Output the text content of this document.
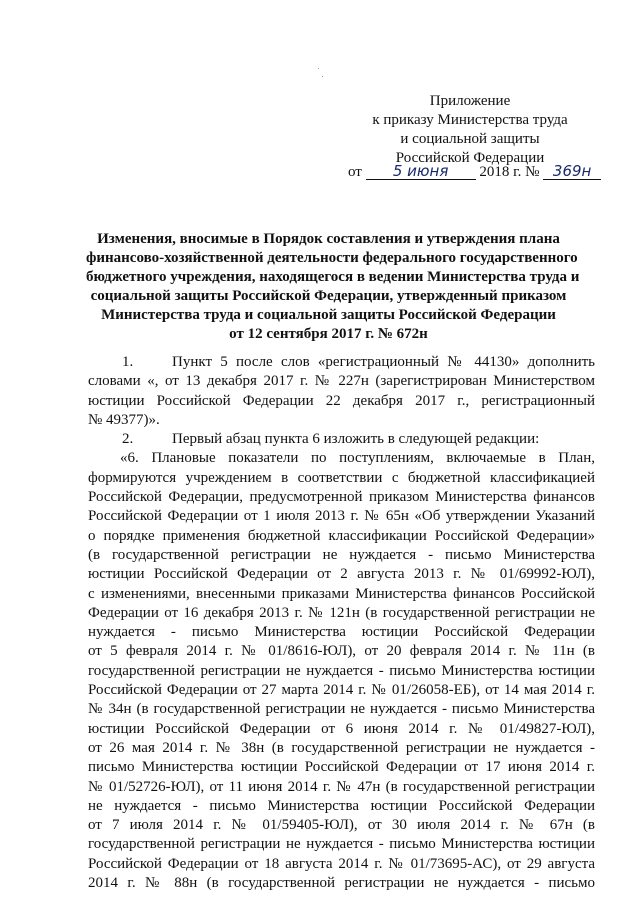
Приложение
к приказу Министерства труда
и социальной защиты
Российской Федерации
от 5 июня 2018 г. № 369н
Изменения, вносимые в Порядок составления и утверждения плана
финансово-хозяйственной деятельности федерального государственного
бюджетного учреждения, находящегося в ведении Министерства труда и
социальной защиты Российской Федерации, утвержденный приказом
Министерства труда и социальной защиты Российской Федерации
от 12 сентября 2017 г. № 672н
1.	Пункт 5 после слов «регистрационный № 44130» дополнить
словами «, от 13 декабря 2017 г. № 227н (зарегистрирован Министерством
юстиции Российской Федерации 22 декабря 2017 г., регистрационный
№ 49377)».
2.	Первый абзац пункта 6 изложить в следующей редакции:
«6. Плановые показатели по поступлениям, включаемые в План,
формируются учреждением в соответствии с бюджетной классификацией
Российской Федерации, предусмотренной приказом Министерства финансов
Российской Федерации от 1 июля 2013 г. № 65н «Об утверждении Указаний
о порядке применения бюджетной классификации Российской Федерации»
(в государственной регистрации не нуждается - письмо Министерства
юстиции Российской Федерации от 2 августа 2013 г. № 01/69992-ЮЛ),
с изменениями, внесенными приказами Министерства финансов Российской
Федерации от 16 декабря 2013 г. № 121н (в государственной регистрации не
нуждается - письмо Министерства юстиции Российской Федерации
от 5 февраля 2014 г. № 01/8616-ЮЛ), от 20 февраля 2014 г. № 11н (в
государственной регистрации не нуждается - письмо Министерства юстиции
Российской Федерации от 27 марта 2014 г. № 01/26058-ЕБ), от 14 мая 2014 г.
№ 34н (в государственной регистрации не нуждается - письмо Министерства
юстиции Российской Федерации от 6 июня 2014 г. № 01/49827-ЮЛ),
от 26 мая 2014 г. № 38н (в государственной регистрации не нуждается -
письмо Министерства юстиции Российской Федерации от 17 июня 2014 г.
№ 01/52726-ЮЛ), от 11 июня 2014 г. № 47н (в государственной регистрации
не нуждается - письмо Министерства юстиции Российской Федерации
от 7 июля 2014 г. № 01/59405-ЮЛ), от 30 июля 2014 г. № 67н (в
государственной регистрации не нуждается - письмо Министерства юстиции
Российской Федерации от 18 августа 2014 г. № 01/73695-АС), от 29 августа
2014 г. № 88н (в государственной регистрации не нуждается - письмо
